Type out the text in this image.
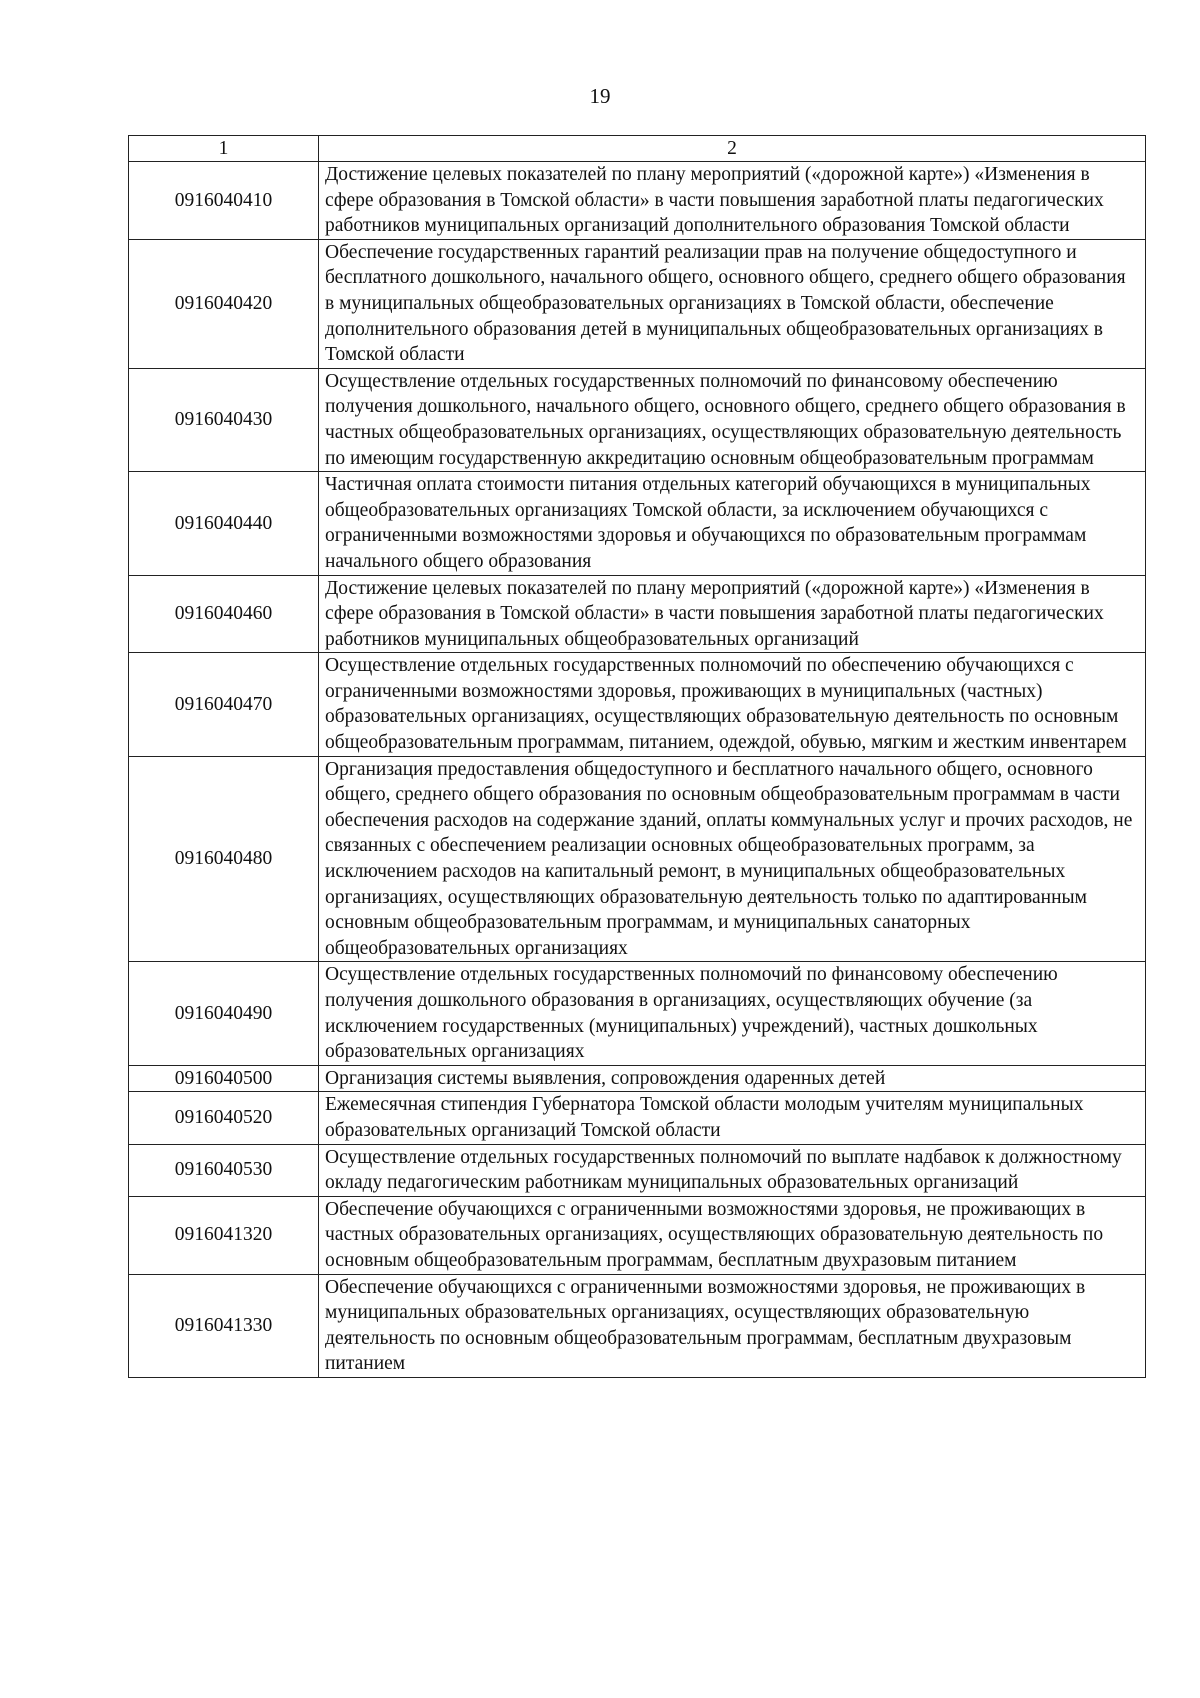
19
1	2
0916040410	Достижение целевых показателей по плану мероприятий («дорожной карте») «Изменения в сфере образования в Томской области» в части повышения заработной платы педагогических работников муниципальных организаций дополнительного образования Томской области
0916040420	Обеспечение государственных гарантий реализации прав на получение общедоступного и бесплатного дошкольного, начального общего, основного общего, среднего общего образования в муниципальных общеобразовательных организациях в Томской области, обеспечение дополнительного образования детей в муниципальных общеобразовательных организациях в Томской области
0916040430	Осуществление отдельных государственных полномочий по финансовому обеспечению получения дошкольного, начального общего, основного общего, среднего общего образования в частных общеобразовательных организациях, осуществляющих образовательную деятельность по имеющим государственную аккредитацию основным общеобразовательным программам
0916040440	Частичная оплата стоимости питания отдельных категорий обучающихся в муниципальных общеобразовательных организациях Томской области, за исключением обучающихся с ограниченными возможностями здоровья и обучающихся по образовательным программам начального общего образования
0916040460	Достижение целевых показателей по плану мероприятий («дорожной карте») «Изменения в сфере образования в Томской области» в части повышения заработной платы педагогических работников муниципальных общеобразовательных организаций
0916040470	Осуществление отдельных государственных полномочий по обеспечению обучающихся с ограниченными возможностями здоровья, проживающих в муниципальных (частных) образовательных организациях, осуществляющих образовательную деятельность по основным общеобразовательным программам, питанием, одеждой, обувью, мягким и жестким инвентарем
0916040480	Организация предоставления общедоступного и бесплатного начального общего, основного общего, среднего общего образования по основным общеобразовательным программам в части обеспечения расходов на содержание зданий, оплаты коммунальных услуг и прочих расходов, не связанных с обеспечением реализации основных общеобразовательных программ, за исключением расходов на капитальный ремонт, в муниципальных общеобразовательных организациях, осуществляющих образовательную деятельность только по адаптированным основным общеобразовательным программам, и муниципальных санаторных общеобразовательных организациях
0916040490	Осуществление отдельных государственных полномочий по финансовому обеспечению получения дошкольного образования в организациях, осуществляющих обучение (за исключением государственных (муниципальных) учреждений), частных дошкольных образовательных организациях
0916040500	Организация системы выявления, сопровождения одаренных детей
0916040520	Ежемесячная стипендия Губернатора Томской области молодым учителям муниципальных образовательных организаций Томской области
0916040530	Осуществление отдельных государственных полномочий по выплате надбавок к должностному окладу педагогическим работникам муниципальных образовательных организаций
0916041320	Обеспечение обучающихся с ограниченными возможностями здоровья, не проживающих в частных образовательных организациях, осуществляющих образовательную деятельность по основным общеобразовательным программам, бесплатным двухразовым питанием
0916041330	Обеспечение обучающихся с ограниченными возможностями здоровья, не проживающих в муниципальных образовательных организациях, осуществляющих образовательную деятельность по основным общеобразовательным программам, бесплатным двухразовым питанием
